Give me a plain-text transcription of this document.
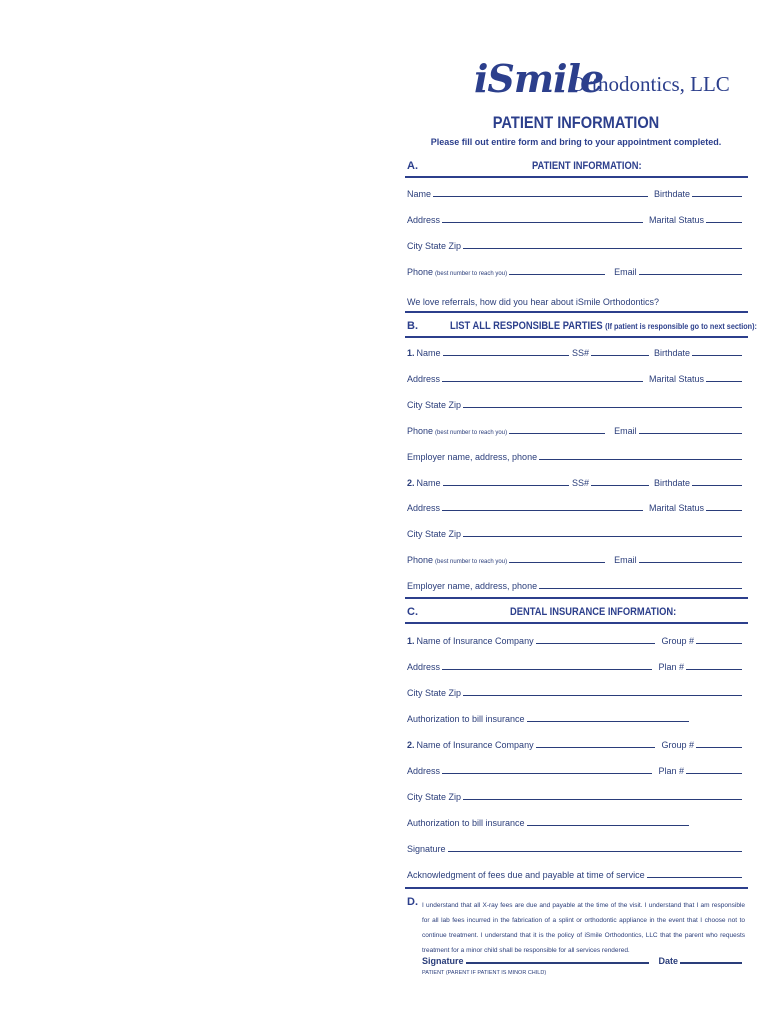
iSmile
Orthodontics, LLC
PATIENT INFORMATION
Please fill out entire form and bring to your appointment completed.
A.	PATIENT INFORMATION:
Name	Birthdate
Address	Marital Status
City State Zip
Phone (best number to reach you)	Email
We love referrals, how did you hear about iSmile Orthodontics?
B.	LIST ALL RESPONSIBLE PARTIES (If patient is responsible go to next section):
1. Name	SS#	Birthdate
Address	Marital Status
City State Zip
Phone (best number to reach you)	Email
Employer name, address, phone
2. Name	SS#	Birthdate
Address	Marital Status
City State Zip
Phone (best number to reach you)	Email
Employer name, address, phone
C.	DENTAL INSURANCE INFORMATION:
1. Name of Insurance Company	Group #
Address	Plan #
City State Zip
Authorization to bill insurance
2. Name of Insurance Company	Group #
Address	Plan #
City State Zip
Authorization to bill insurance
Signature
Acknowledgment of fees due and payable at time of service
D. I understand that all X-ray fees are due and payable at the time of the visit. I understand that I am responsible for all lab fees incurred in the fabrication of a splint or orthodontic appliance in the event that I choose not to continue treatment. I understand that it is the policy of iSmile Orthodontics, LLC that the parent who requests treatment for a minor child shall be responsible for all services rendered.
Signature	Date
PATIENT (PARENT IF PATIENT IS MINOR CHILD)
